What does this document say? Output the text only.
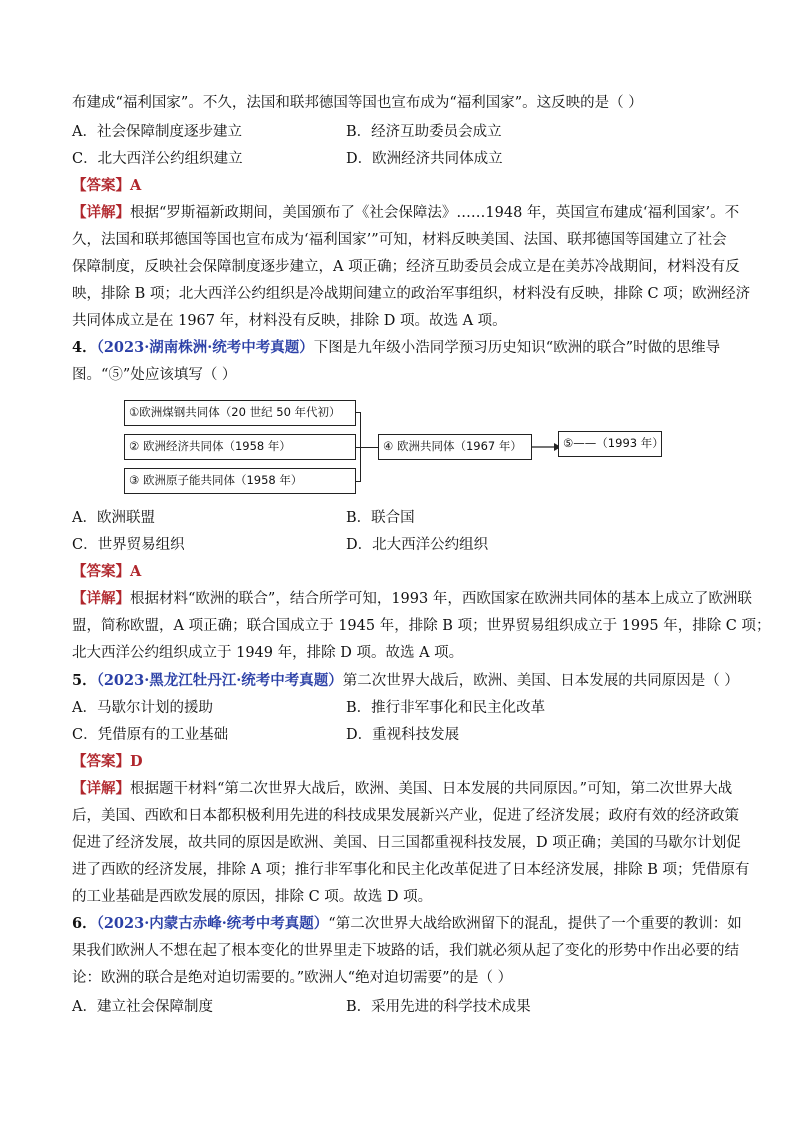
布建成“福利国家”。不久，法国和联邦德国等国也宣布成为“福利国家”。这反映的是（ ）
A．社会保障制度逐步建立	B．经济互助委员会成立
C．北大西洋公约组织建立	D．欧洲经济共同体成立
【答案】A
【详解】根据“罗斯福新政期间，美国颁布了《社会保障法》……1948 年，英国宣布建成‘福利国家’。不
久，法国和联邦德国等国也宣布成为‘福利国家’”可知，材料反映美国、法国、联邦德国等国建立了社会
保障制度，反映社会保障制度逐步建立，A 项正确；经济互助委员会成立是在美苏冷战期间，材料没有反
映，排除 B 项；北大西洋公约组织是冷战期间建立的政治军事组织，材料没有反映，排除 C 项；欧洲经济
共同体成立是在 1967 年，材料没有反映，排除 D 项。故选 A 项。
4．（2023·湖南株洲·统考中考真题）下图是九年级小浩同学预习历史知识“欧洲的联合”时做的思维导
图。“⑤”处应该填写（ ）
①欧洲煤钢共同体（20 世纪 50 年代初）
② 欧洲经济共同体（1958 年）
③ 欧洲原子能共同体（1958 年）
④ 欧洲共同体（1967 年）	⑤——（1993 年）
A．欧洲联盟	B．联合国
C．世界贸易组织	D．北大西洋公约组织
【答案】A
【详解】根据材料“欧洲的联合”，结合所学可知，1993 年，西欧国家在欧洲共同体的基本上成立了欧洲联
盟，简称欧盟，A 项正确；联合国成立于 1945 年，排除 B 项；世界贸易组织成立于 1995 年，排除 C 项；
北大西洋公约组织成立于 1949 年，排除 D 项。故选 A 项。
5．（2023·黑龙江牡丹江·统考中考真题）第二次世界大战后，欧洲、美国、日本发展的共同原因是（ ）
A．马歇尔计划的援助	B．推行非军事化和民主化改革
C．凭借原有的工业基础	D．重视科技发展
【答案】D
【详解】根据题干材料“第二次世界大战后，欧洲、美国、日本发展的共同原因。”可知，第二次世界大战
后，美国、西欧和日本都积极利用先进的科技成果发展新兴产业，促进了经济发展；政府有效的经济政策
促进了经济发展，故共同的原因是欧洲、美国、日三国都重视科技发展，D 项正确；美国的马歇尔计划促
进了西欧的经济发展，排除 A 项；推行非军事化和民主化改革促进了日本经济发展，排除 B 项；凭借原有
的工业基础是西欧发展的原因，排除 C 项。故选 D 项。
6．（2023·内蒙古赤峰·统考中考真题）“第二次世界大战给欧洲留下的混乱，提供了一个重要的教训：如
果我们欧洲人不想在起了根本变化的世界里走下坡路的话，我们就必须从起了变化的形势中作出必要的结
论：欧洲的联合是绝对迫切需要的。”欧洲人“绝对迫切需要”的是（ ）
A．建立社会保障制度	B．采用先进的科学技术成果
